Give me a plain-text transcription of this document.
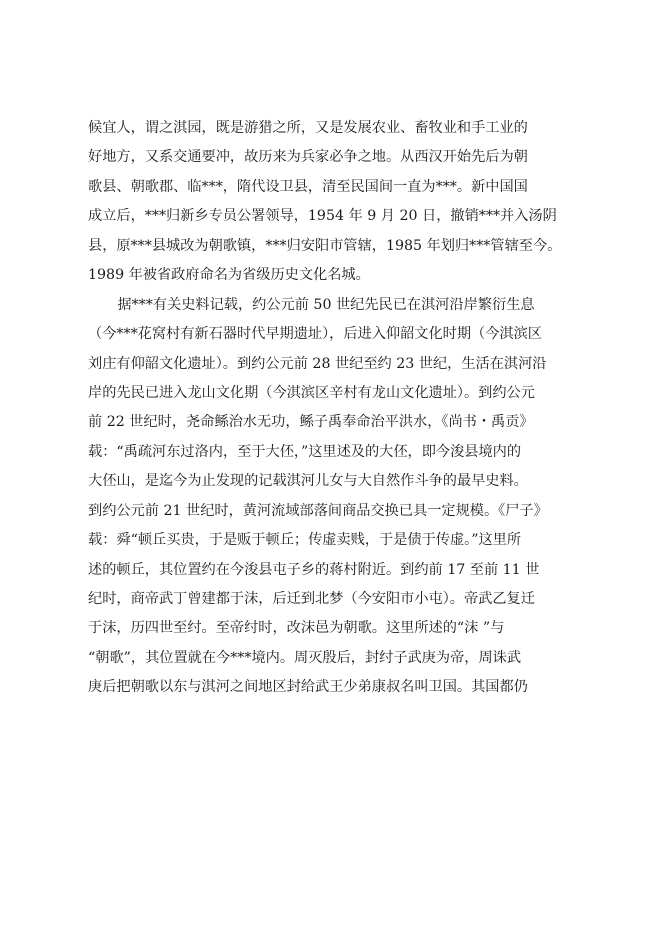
候宜人，谓之淇园，既是游猎之所，又是发展农业、畜牧业和手工业的
好地方，又系交通要冲，故历来为兵家必争之地。从西汉开始先后为朝
歌县、朝歌郡、临***，隋代设卫县，清至民国间一直为***。新中国国
成立后，***归新乡专员公署领导，1954 年 9 月 20 日，撤销***并入汤阴
县，原***县城改为朝歌镇，***归安阳市管辖，1985 年划归***管辖至今。
1989 年被省政府命名为省级历史文化名城。
　　据***有关史料记载，约公元前 50 世纪先民已在淇河沿岸繁衍生息
（今***花窝村有新石器时代早期遗址），后进入仰韶文化时期（今淇滨区
刘庄有仰韶文化遗址）。到约公元前 28 世纪至约 23 世纪，生活在淇河沿
岸的先民已进入龙山文化期（今淇滨区辛村有龙山文化遗址）。到约公元
前 22 世纪时，尧命鲧治水无功，鲧子禹奉命治平洪水，《尚书・禹贡》
载：“禹疏河东过洛内，至于大伾，”这里述及的大伾，即今浚县境内的
大伾山，是迄今为止发现的记载淇河儿女与大自然作斗争的最早史料。
到约公元前 21 世纪时，黄河流域部落间商品交换已具一定规模。《尸子》
载：舜“顿丘买贵，于是贩于顿丘；传虚卖贱，于是债于传虚。”这里所
述的顿丘，其位置约在今浚县屯子乡的蒋村附近。到约前 17 至前 11 世
纪时，商帝武丁曾建都于沫，后迁到北梦（今安阳市小屯）。帝武乙复迁
于沫，历四世至纣。至帝纣时，改沫邑为朝歌。这里所述的“沫 ”与
“朝歌”，其位置就在今***境内。周灭殷后，封纣子武庚为帝，周诛武
庚后把朝歌以东与淇河之间地区封给武王少弟康叔名叫卫国。其国都仍
